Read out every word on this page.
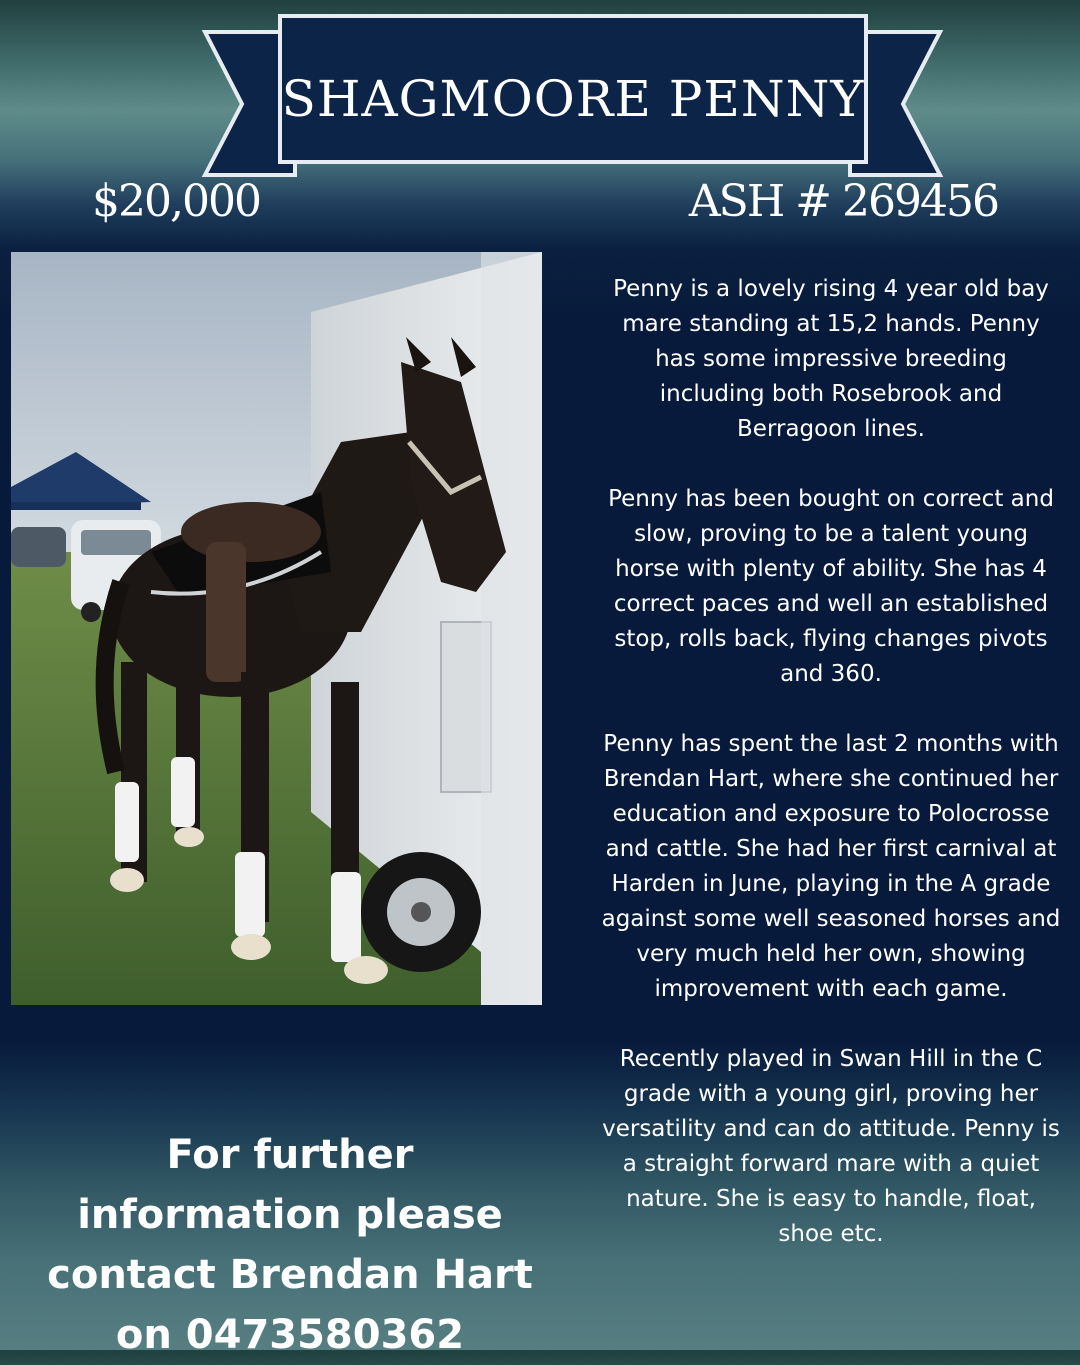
SHAGMOORE PENNY
$20,000	ASH # 269456

Penny is a lovely rising 4 year old bay mare standing at 15,2 hands. Penny has some impressive breeding including both Rosebrook and Berragoon lines.

Penny has been bought on correct and slow, proving to be a talent young horse with plenty of ability. She has 4 correct paces and well an established stop, rolls back, flying changes pivots and 360.

Penny has spent the last 2 months with Brendan Hart, where she continued her education and exposure to Polocrosse and cattle. She had her first carnival at Harden in June, playing in the A grade against some well seasoned horses and very much held her own, showing improvement with each game.

Recently played in Swan Hill in the C grade with a young girl, proving her versatility and can do attitude. Penny is a straight forward mare with a quiet nature. She is easy to handle, float, shoe etc.

For further information please contact Brendan Hart on 0473580362
